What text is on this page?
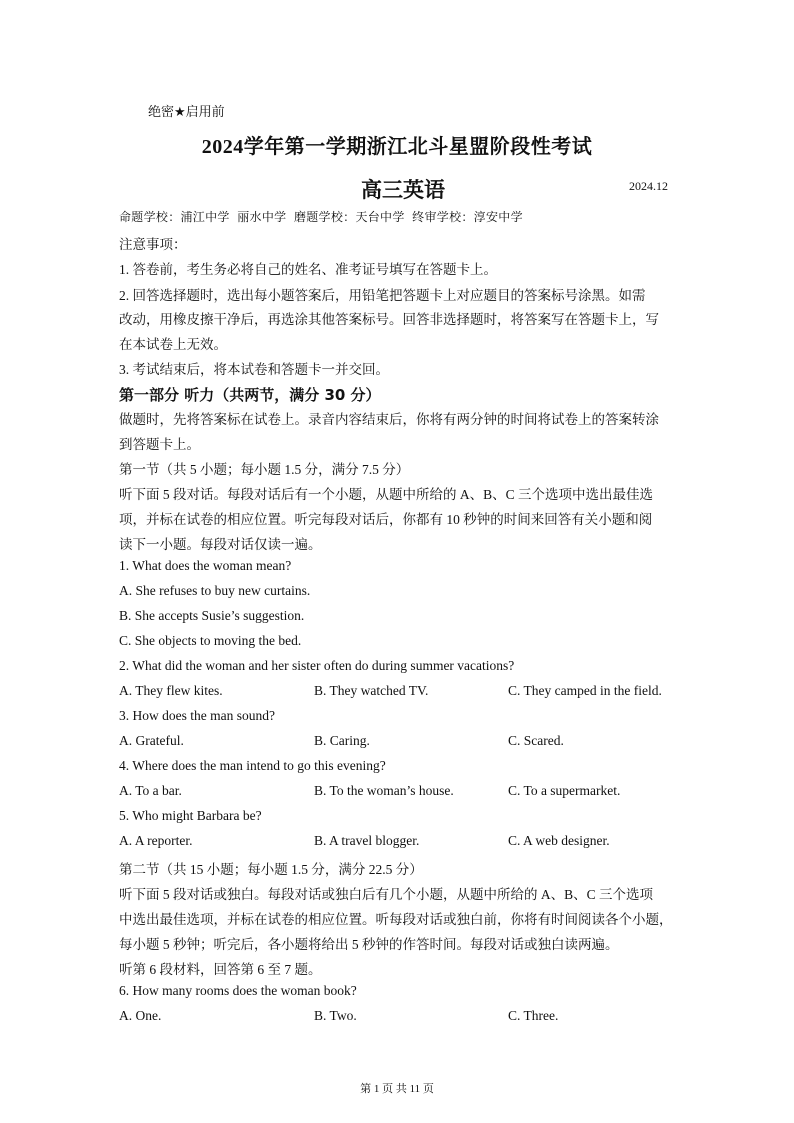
绝密★启用前
2024学年第一学期浙江北斗星盟阶段性考试
高三英语	2024.12
命题学校：浦江中学 丽水中学 磨题学校：天台中学 终审学校：淳安中学
注意事项：
1. 答卷前，考生务必将自己的姓名、准考证号填写在答题卡上。
2. 回答选择题时，选出每小题答案后，用铅笔把答题卡上对应题目的答案标号涂黑。如需
改动，用橡皮擦干净后，再选涂其他答案标号。回答非选择题时，将答案写在答题卡上，写
在本试卷上无效。
3. 考试结束后，将本试卷和答题卡一并交回。
第一部分 听力（共两节，满分 30 分）
做题时，先将答案标在试卷上。录音内容结束后，你将有两分钟的时间将试卷上的答案转涂
到答题卡上。
第一节（共 5 小题；每小题 1.5 分，满分 7.5 分）
听下面 5 段对话。每段对话后有一个小题，从题中所给的 A、B、C 三个选项中选出最佳选
项，并标在试卷的相应位置。听完每段对话后，你都有 10 秒钟的时间来回答有关小题和阅
读下一小题。每段对话仅读一遍。
1. What does the woman mean?
A. She refuses to buy new curtains.
B. She accepts Susie’s suggestion.
C. She objects to moving the bed.
2. What did the woman and her sister often do during summer vacations?
A. They flew kites.	B. They watched TV.	C. They camped in the field.
3. How does the man sound?
A. Grateful.	B. Caring.	C. Scared.
4. Where does the man intend to go this evening?
A. To a bar.	B. To the woman’s house.	C. To a supermarket.
5. Who might Barbara be?
A. A reporter.	B. A travel blogger.	C. A web designer.
第二节（共 15 小题；每小题 1.5 分，满分 22.5 分）
听下面 5 段对话或独白。每段对话或独白后有几个小题，从题中所给的 A、B、C 三个选项
中选出最佳选项，并标在试卷的相应位置。听每段对话或独白前，你将有时间阅读各个小题，
每小题 5 秒钟；听完后，各小题将给出 5 秒钟的作答时间。每段对话或独白读两遍。
听第 6 段材料，回答第 6 至 7 题。
6. How many rooms does the woman book?
A. One.	B. Two.	C. Three.
第 1 页 共 11 页
